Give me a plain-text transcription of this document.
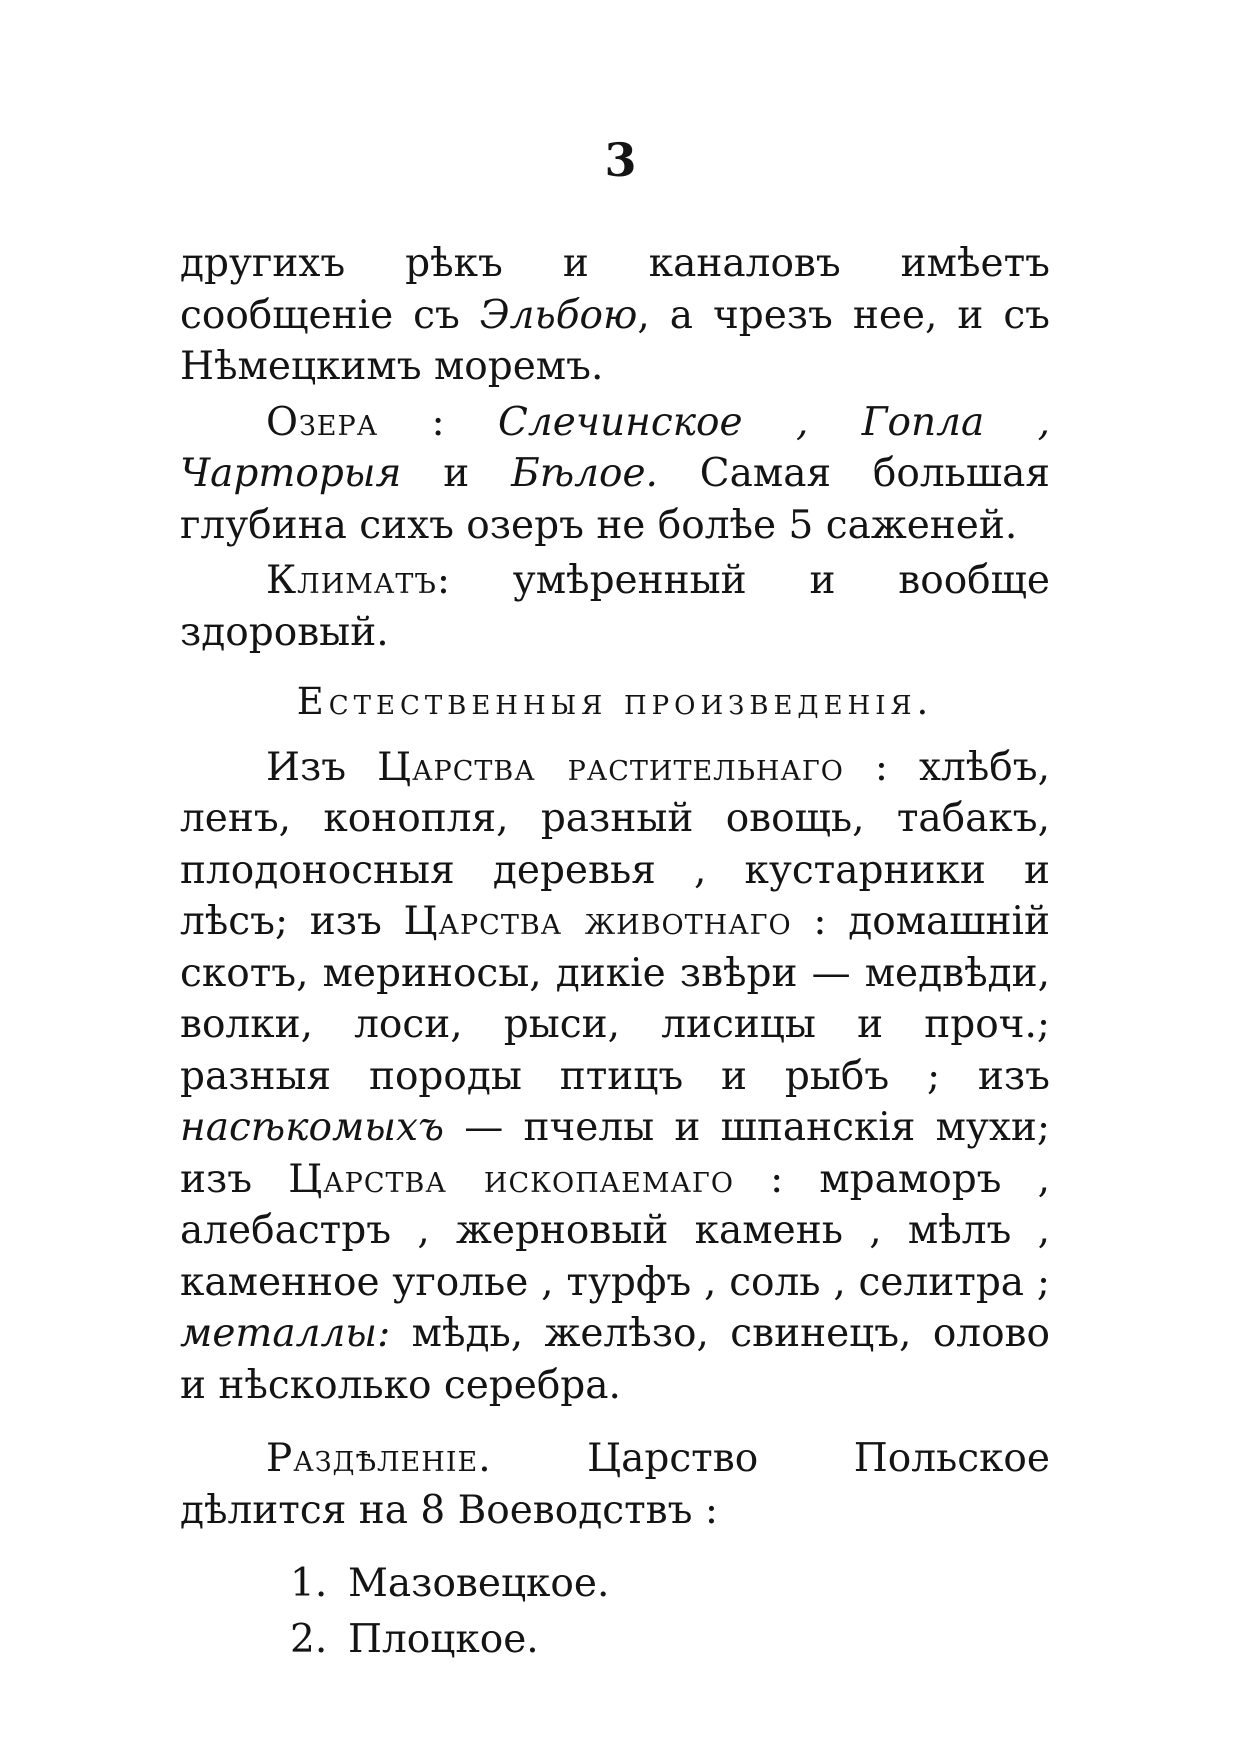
3

другихъ рѣкъ и каналовъ имѣетъ сообщеніе съ Эльбою, а чрезъ нее, и съ Нѣмецкимъ моремъ.

Озера : Слечинское , Гопла , Чарторыя и Бѣлое. Самая большая глубина сихъ озеръ не болѣе 5 саженей.

Климатъ: умѣренный и вообще здоровый.

Естественныя произведенія.

Изъ Царства растительнаго : хлѣбъ, ленъ, конопля, разный овощь, табакъ, плодоносныя деревья , кустарники и лѣсъ; изъ Царства животнаго : домашній скотъ, мериносы, дикіе звѣри — медвѣди, волки, лоси, рыси, лисицы и проч.; разныя породы птицъ и рыбъ ; изъ насѣкомыхъ — пчелы и шпанскія мухи; изъ Царства ископаемаго : мраморъ , алебастръ , жерновый камень , мѣлъ , каменное уголье , турфъ , соль , селитра ; металлы: мѣдь, желѣзо, свинецъ, олово и нѣсколько серебра.

Раздѣленіе. Царство Польское дѣлится на 8 Воеводствъ :

1. Мазовецкое.
2. Плоцкое.
